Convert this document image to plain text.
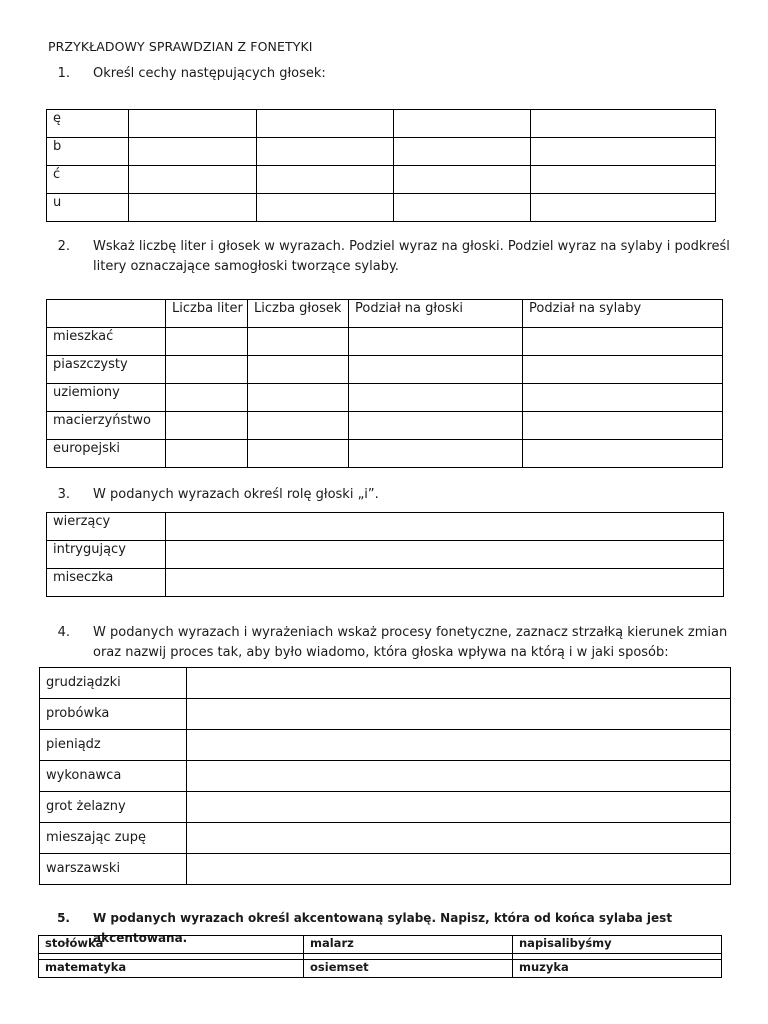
PRZYKŁADOWY SPRAWDZIAN Z FONETYKI
1. Określ cechy następujących głosek:
ę				
b				
ć				
u				
2. Wskaż liczbę liter i głosek w wyrazach. Podziel wyraz na głoski. Podziel wyraz na sylaby i podkreśl
litery oznaczające samogłoski tworzące sylaby.
	Liczba liter	Liczba głosek	Podział na głoski	Podział na sylaby
mieszkać				
piaszczysty				
uziemiony				
macierzyństwo				
europejski				
3. W podanych wyrazach określ rolę głoski „i”.
wierzący	
intrygujący	
miseczka	
4. W podanych wyrazach i wyrażeniach wskaż procesy fonetyczne, zaznacz strzałką kierunek zmian
oraz nazwij proces tak, aby było wiadomo, która głoska wpływa na którą i w jaki sposób:
grudziądzki	
probówka	
pieniądz	
wykonawca	
grot żelazny	
mieszając zupę	
warszawski	
5. W podanych wyrazach określ akcentowaną sylabę. Napisz, która od końca sylaba jest akcentowana.
stołówka	malarz	napisalibyśmy

matematyka	osiemset	muzyka
